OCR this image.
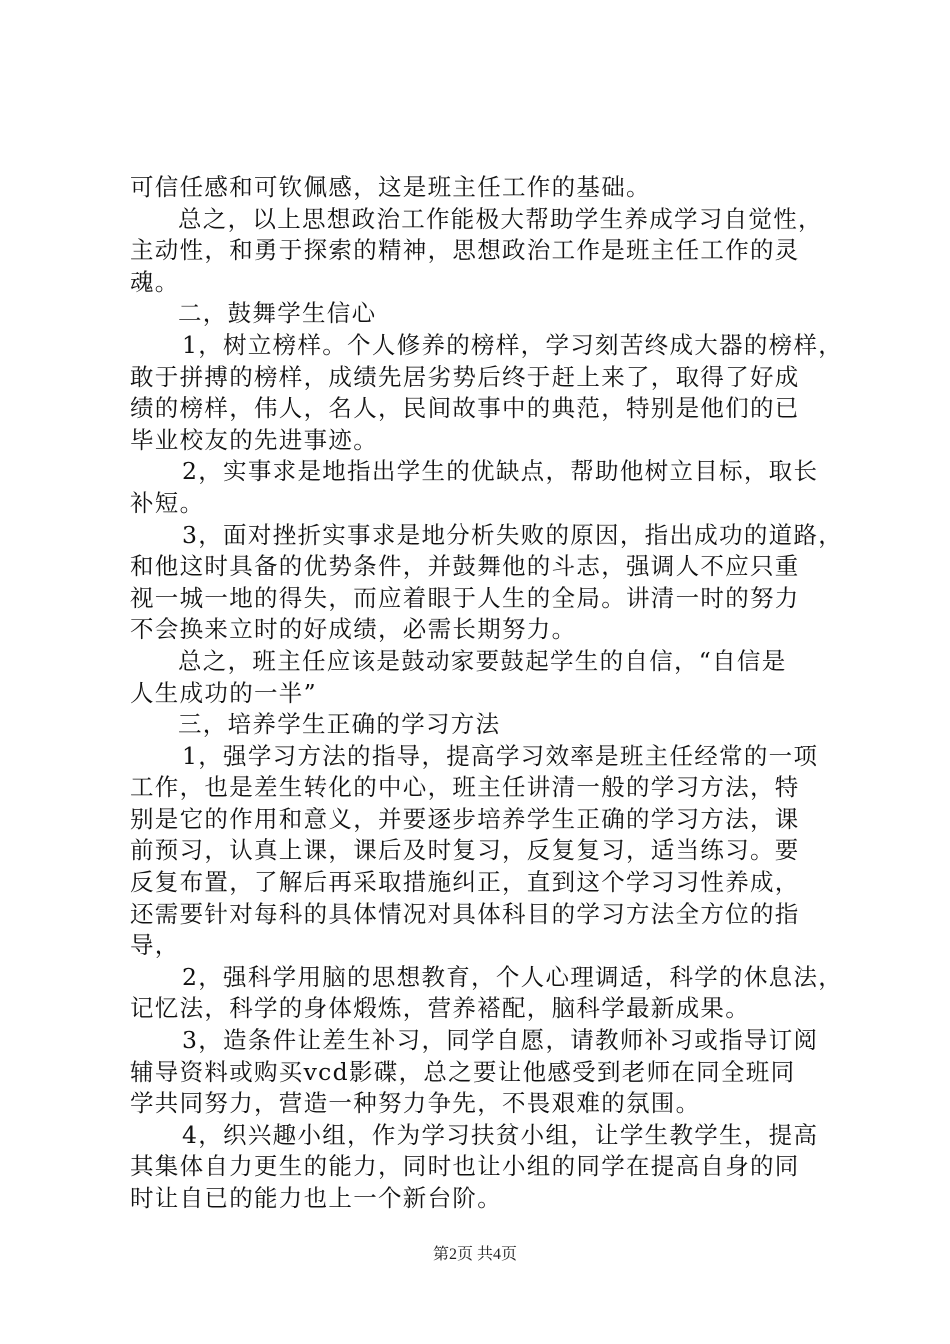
可信任感和可钦佩感，这是班主任工作的基础。
总之，以上思想政治工作能极大帮助学生养成学习自觉性，
主动性，和勇于探索的精神，思想政治工作是班主任工作的灵
魂。
二，鼓舞学生信心
1，树立榜样。个人修养的榜样，学习刻苦终成大器的榜样，
敢于拼搏的榜样，成绩先居劣势后终于赶上来了，取得了好成
绩的榜样，伟人，名人，民间故事中的典范，特别是他们的已
毕业校友的先进事迹。
2，实事求是地指出学生的优缺点，帮助他树立目标，取长
补短。
3，面对挫折实事求是地分析失败的原因，指出成功的道路，
和他这时具备的优势条件，并鼓舞他的斗志，强调人不应只重
视一城一地的得失，而应着眼于人生的全局。讲清一时的努力
不会换来立时的好成绩，必需长期努力。
总之，班主任应该是鼓动家要鼓起学生的自信，“自信是
人生成功的一半”
三，培养学生正确的学习方法
1，强学习方法的指导，提高学习效率是班主任经常的一项
工作，也是差生转化的中心，班主任讲清一般的学习方法，特
别是它的作用和意义，并要逐步培养学生正确的学习方法，课
前预习，认真上课，课后及时复习，反复复习，适当练习。要
反复布置，了解后再采取措施纠正，直到这个学习习性养成，
还需要针对每科的具体情况对具体科目的学习方法全方位的指
导，
2，强科学用脑的思想教育，个人心理调适，科学的休息法，
记忆法，科学的身体煅炼，营养褡配，脑科学最新成果。
3，造条件让差生补习，同学自愿，请教师补习或指导订阅
辅导资料或购买vcd影碟，总之要让他感受到老师在同全班同
学共同努力，营造一种努力争先，不畏艰难的氛围。
4，织兴趣小组，作为学习扶贫小组，让学生教学生，提高
其集体自力更生的能力，同时也让小组的同学在提高自身的同
时让自已的能力也上一个新台阶。
第2页 共4页
